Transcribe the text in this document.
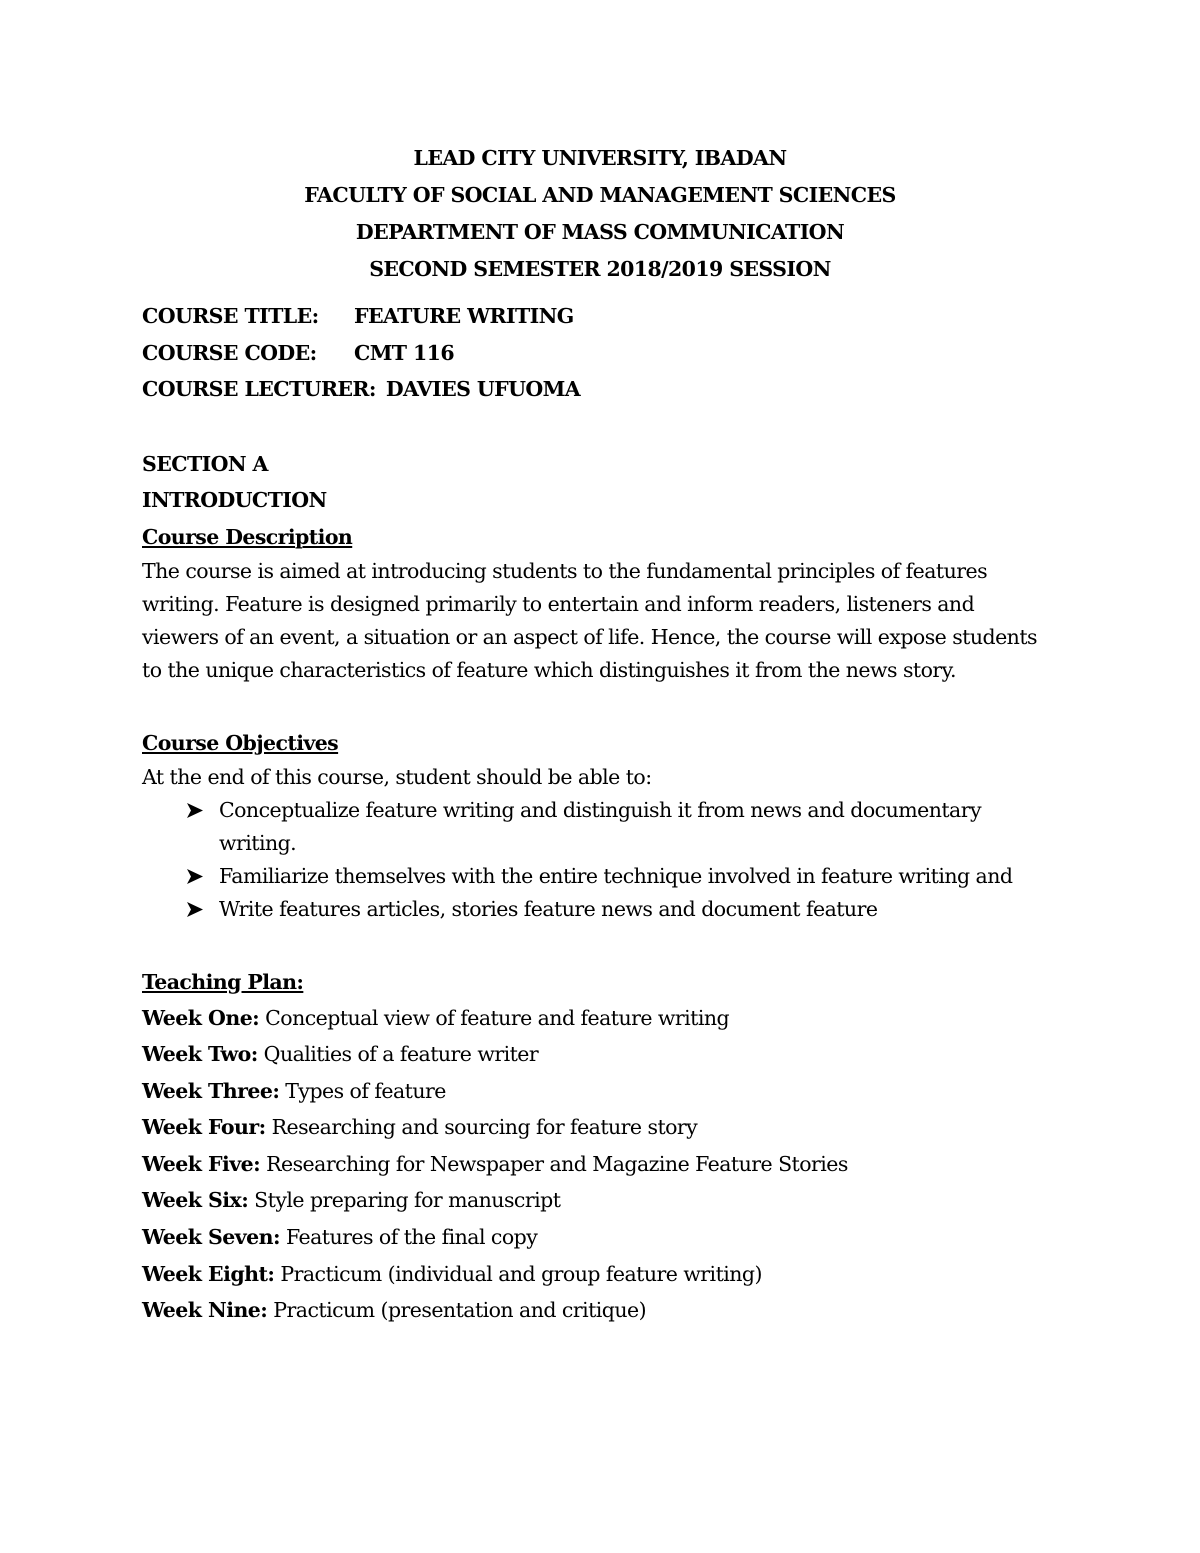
LEAD CITY UNIVERSITY, IBADAN
FACULTY OF SOCIAL AND MANAGEMENT SCIENCES
DEPARTMENT OF MASS COMMUNICATION
SECOND SEMESTER 2018/2019 SESSION
COURSE TITLE:	FEATURE WRITING
COURSE CODE:	CMT 116
COURSE LECTURER: DAVIES UFUOMA
SECTION A
INTRODUCTION
Course Description
The course is aimed at introducing students to the fundamental principles of features writing. Feature is designed primarily to entertain and inform readers, listeners and viewers of an event, a situation or an aspect of life. Hence, the course will expose students to the unique characteristics of feature which distinguishes it from the news story.
Course Objectives
At the end of this course, student should be able to:
Conceptualize feature writing and distinguish it from news and documentary writing.
Familiarize themselves with the entire technique involved in feature writing and
Write features articles, stories feature news and document feature
Teaching Plan:
Week One: Conceptual view of feature and feature writing
Week Two: Qualities of a feature writer
Week Three: Types of feature
Week Four: Researching and sourcing for feature story
Week Five: Researching for Newspaper and Magazine Feature Stories
Week Six: Style preparing for manuscript
Week Seven: Features of the final copy
Week Eight: Practicum (individual and group feature writing)
Week Nine: Practicum (presentation and critique)
